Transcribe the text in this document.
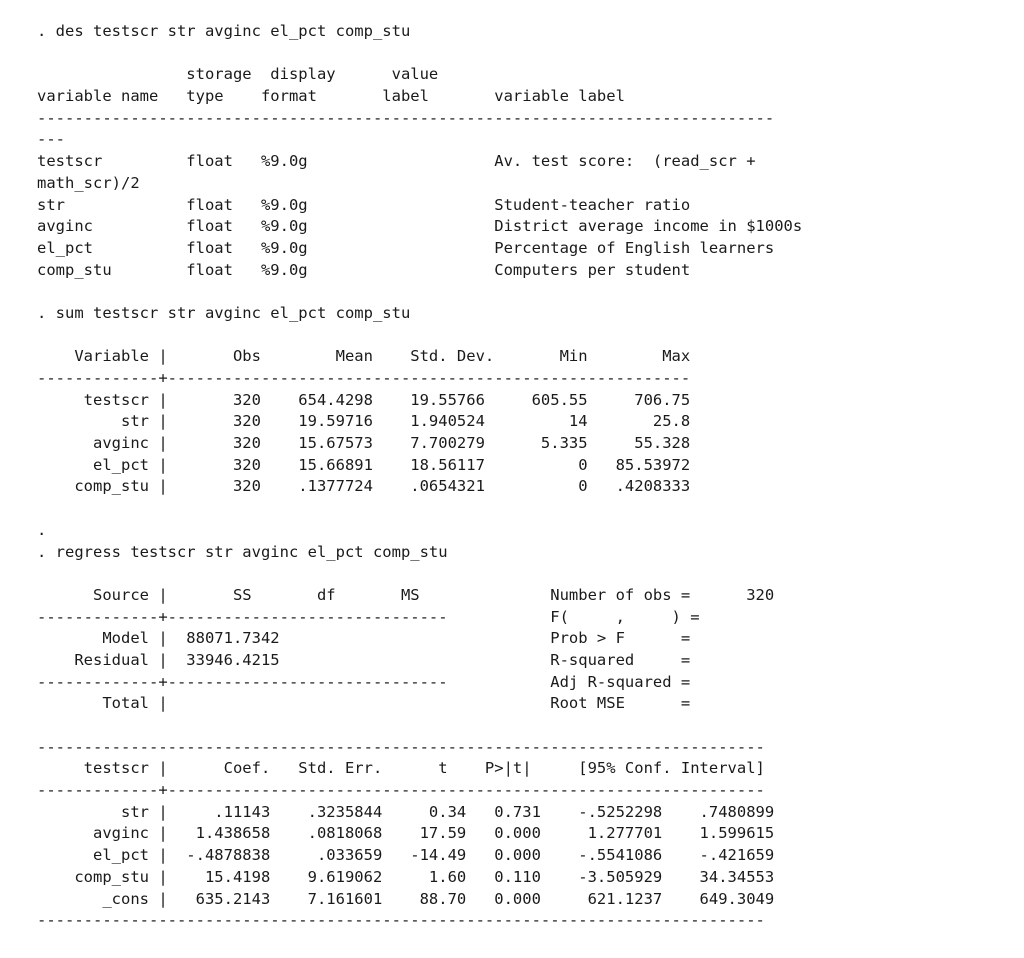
. des testscr str avginc el_pct comp_stu
storage  display      value
variable name   type    format       label       variable label
-------------------------------------------------------------------------------
---
testscr         float   %9.0g                    Av. test score:  (read_scr +
math_scr)/2
str             float   %9.0g                    Student-teacher ratio
avginc          float   %9.0g                    District average income in $1000s
el_pct          float   %9.0g                    Percentage of English learners
comp_stu        float   %9.0g                    Computers per student
. sum testscr str avginc el_pct comp_stu
Variable |       Obs        Mean    Std. Dev.       Min        Max
-------------+--------------------------------------------------------
testscr |       320    654.4298    19.55766     605.55     706.75
str |       320    19.59716    1.940524         14       25.8
avginc |       320    15.67573    7.700279      5.335     55.328
el_pct |       320    15.66891    18.56117          0   85.53972
comp_stu |       320    .1377724    .0654321          0   .4208333
.
. regress testscr str avginc el_pct comp_stu
Source |       SS       df       MS              Number of obs =      320
-------------+------------------------------           F(     ,     ) =
Model |  88071.7342                             Prob > F      =
Residual |  33946.4215                             R-squared     =
-------------+------------------------------           Adj R-squared =
Total |                                         Root MSE      =
------------------------------------------------------------------------------
testscr |      Coef.   Std. Err.      t    P>|t|     [95% Conf. Interval]
-------------+----------------------------------------------------------------
str |     .11143    .3235844     0.34   0.731    -.5252298    .7480899
avginc |   1.438658    .0818068    17.59   0.000     1.277701    1.599615
el_pct |  -.4878838     .033659   -14.49   0.000    -.5541086    -.421659
comp_stu |    15.4198    9.619062     1.60   0.110    -3.505929    34.34553
_cons |   635.2143    7.161601    88.70   0.000     621.1237    649.3049
------------------------------------------------------------------------------
